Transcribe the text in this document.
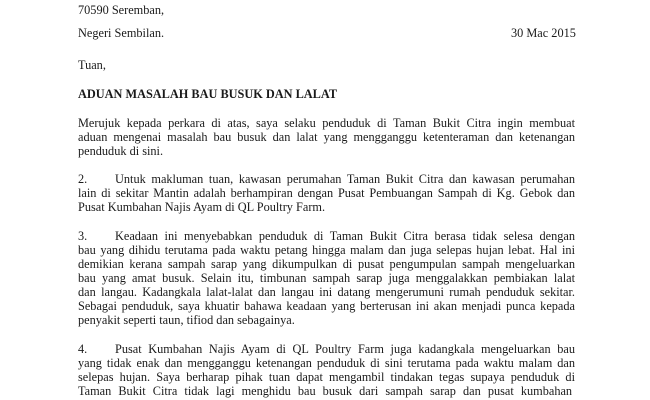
70590 Seremban,
Negeri Sembilan.	30 Mac 2015
Tuan,
ADUAN MASALAH BAU BUSUK DAN LALAT
Merujuk kepada perkara di atas, saya selaku penduduk di Taman Bukit Citra ingin membuat
aduan mengenai masalah bau busuk dan lalat yang mengganggu ketenteraman dan ketenangan
penduduk di sini.
2. Untuk makluman tuan, kawasan perumahan Taman Bukit Citra dan kawasan perumahan
lain di sekitar Mantin adalah berhampiran dengan Pusat Pembuangan Sampah di Kg. Gebok dan
Pusat Kumbahan Najis Ayam di QL Poultry Farm.
3. Keadaan ini menyebabkan penduduk di Taman Bukit Citra berasa tidak selesa dengan
bau yang dihidu terutama pada waktu petang hingga malam dan juga selepas hujan lebat. Hal ini
demikian kerana sampah sarap yang dikumpulkan di pusat pengumpulan sampah mengeluarkan
bau yang amat busuk. Selain itu, timbunan sampah sarap juga menggalakkan pembiakan lalat
dan langau. Kadangkala lalat-lalat dan langau ini datang mengerumuni rumah penduduk sekitar.
Sebagai penduduk, saya khuatir bahawa keadaan yang berterusan ini akan menjadi punca kepada
penyakit seperti taun, tifiod dan sebagainya.
4. Pusat Kumbahan Najis Ayam di QL Poultry Farm juga kadangkala mengeluarkan bau
yang tidak enak dan mengganggu ketenangan penduduk di sini terutama pada waktu malam dan
selepas hujan. Saya berharap pihak tuan dapat mengambil tindakan tegas supaya penduduk di
Taman Bukit Citra tidak lagi menghidu bau busuk dari sampah sarap dan pusat kumbahan
